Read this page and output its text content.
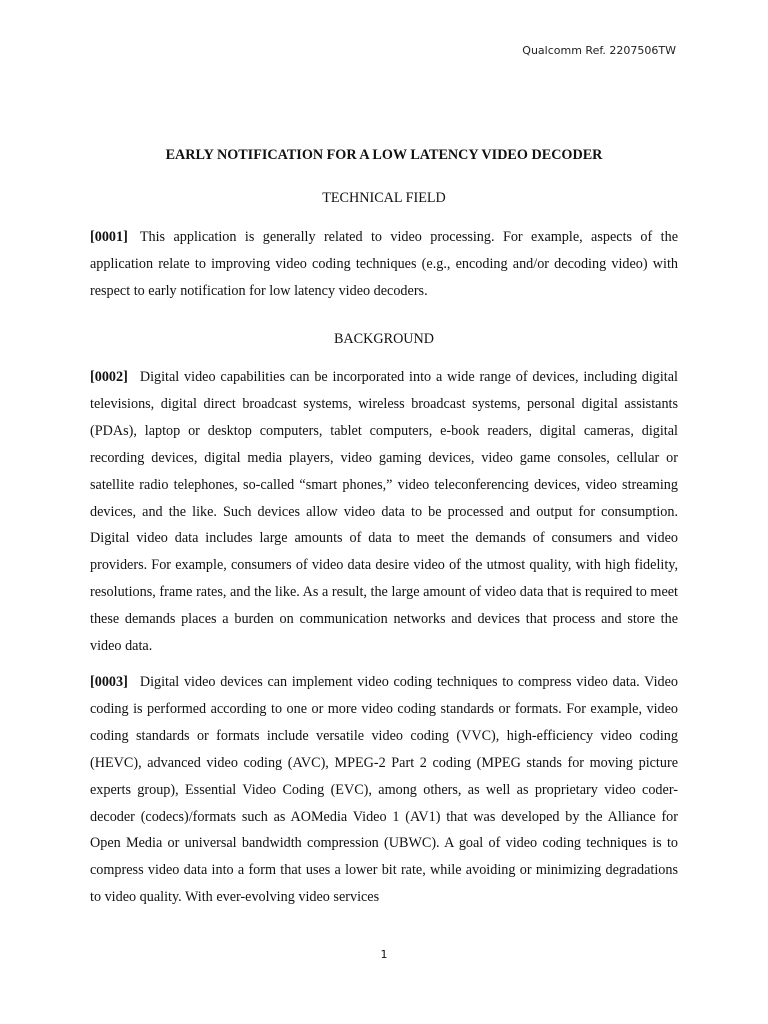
Qualcomm Ref. 2207506TW
EARLY NOTIFICATION FOR A LOW LATENCY VIDEO DECODER
TECHNICAL FIELD

[0001] This application is generally related to video processing. For example, aspects of the application relate to improving video coding techniques (e.g., encoding and/or decoding video) with respect to early notification for low latency video decoders.

BACKGROUND

[0002] Digital video capabilities can be incorporated into a wide range of devices, including digital televisions, digital direct broadcast systems, wireless broadcast systems, personal digital assistants (PDAs), laptop or desktop computers, tablet computers, e-book readers, digital cameras, digital recording devices, digital media players, video gaming devices, video game consoles, cellular or satellite radio telephones, so-called “smart phones,” video teleconferencing devices, video streaming devices, and the like. Such devices allow video data to be processed and output for consumption. Digital video data includes large amounts of data to meet the demands of consumers and video providers. For example, consumers of video data desire video of the utmost quality, with high fidelity, resolutions, frame rates, and the like. As a result, the large amount of video data that is required to meet these demands places a burden on communication networks and devices that process and store the video data.

[0003] Digital video devices can implement video coding techniques to compress video data. Video coding is performed according to one or more video coding standards or formats. For example, video coding standards or formats include versatile video coding (VVC), high-efficiency video coding (HEVC), advanced video coding (AVC), MPEG-2 Part 2 coding (MPEG stands for moving picture experts group), Essential Video Coding (EVC), among others, as well as proprietary video coder-decoder (codecs)/formats such as AOMedia Video 1 (AV1) that was developed by the Alliance for Open Media or universal bandwidth compression (UBWC). A goal of video coding techniques is to compress video data into a form that uses a lower bit rate, while avoiding or minimizing degradations to video quality. With ever-evolving video services

1
